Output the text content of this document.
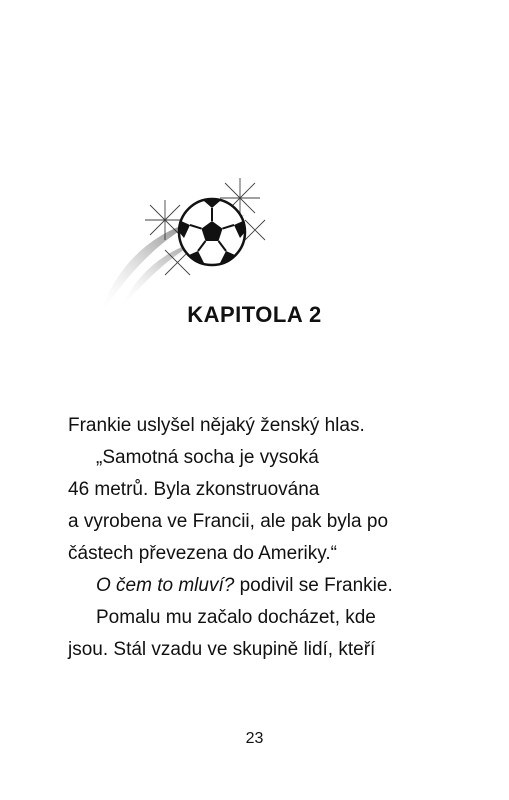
KAPITOLA 2
Frankie uslyšel nějaký ženský hlas.
„Samotná socha je vysoká
46 metrů. Byla zkonstruována
a vyrobena ve Francii, ale pak byla po
částech převezena do Ameriky.“
O čem to mluví? podivil se Frankie.
Pomalu mu začalo docházet, kde
jsou. Stál vzadu ve skupině lidí, kteří
23
